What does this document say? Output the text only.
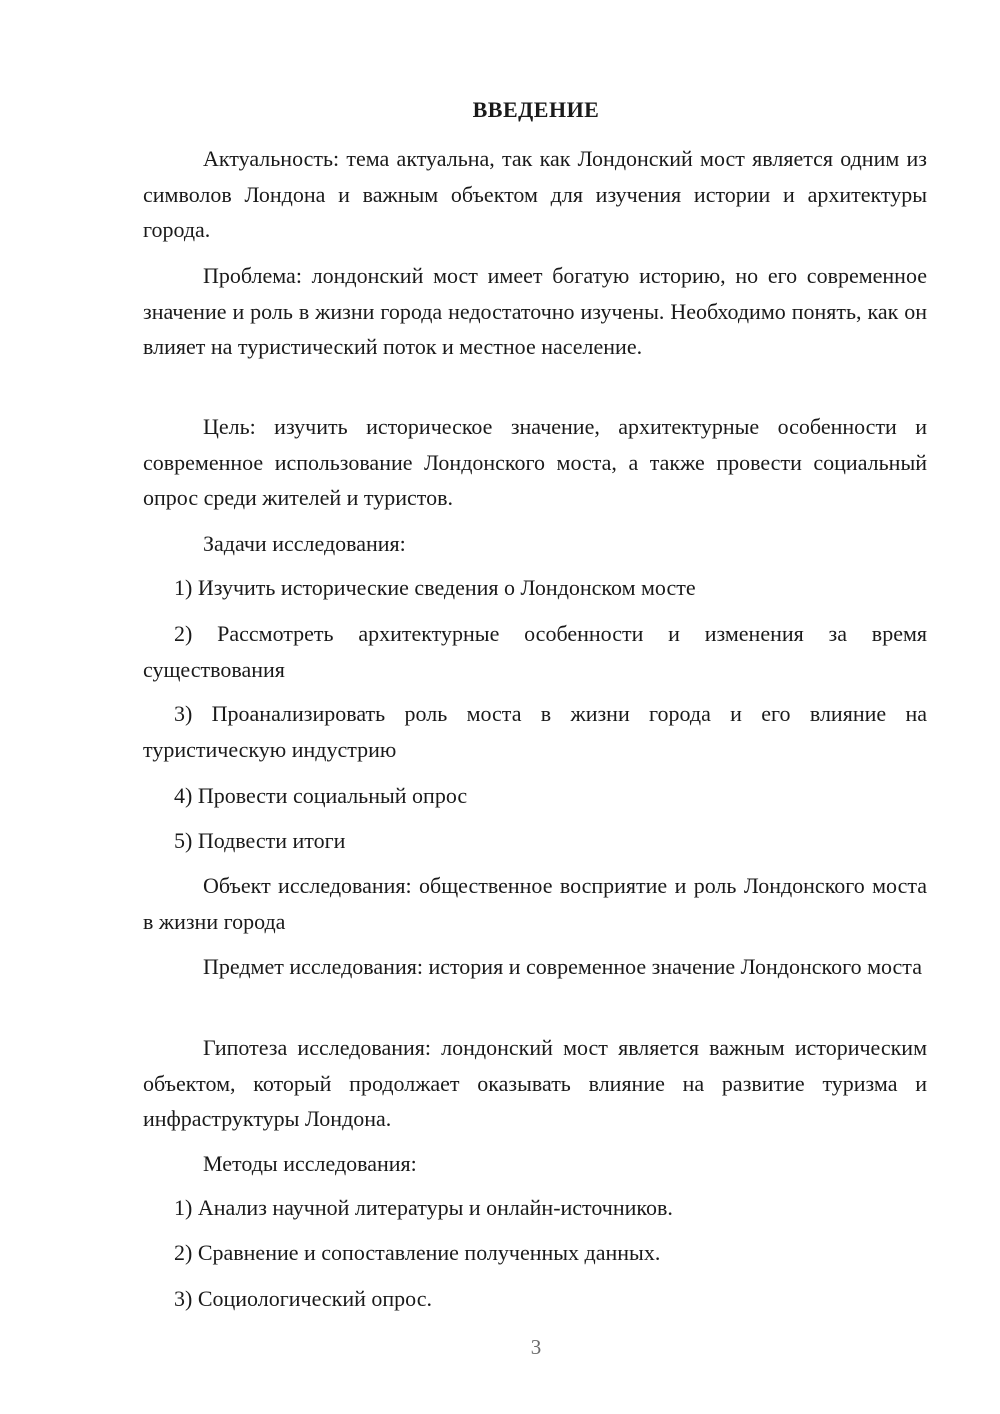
ВВЕДЕНИЕ

Актуальность: тема актуальна, так как Лондонский мост является одним из символов Лондона и важным объектом для изучения истории и архитектуры города.

Проблема: лондонский мост имеет богатую историю, но его современное значение и роль в жизни города недостаточно изучены. Необходимо понять, как он влияет на туристический поток и местное население.

Цель: изучить историческое значение, архитектурные особенности и современное использование Лондонского моста, а также провести социальный опрос среди жителей и туристов.

Задачи исследования:

1) Изучить исторические сведения о Лондонском мосте

2) Рассмотреть архитектурные особенности и изменения за время существования

3) Проанализировать роль моста в жизни города и его влияние на туристическую индустрию

4) Провести социальный опрос

5) Подвести итоги

Объект исследования: общественное восприятие и роль Лондонского моста в жизни города

Предмет исследования: история и современное значение Лондонского моста

Гипотеза исследования: лондонский мост является важным историческим объектом, который продолжает оказывать влияние на развитие туризма и инфраструктуры Лондона.

Методы исследования:

1) Анализ научной литературы и онлайн-источников.

2) Сравнение и сопоставление полученных данных.

3) Социологический опрос.

3
